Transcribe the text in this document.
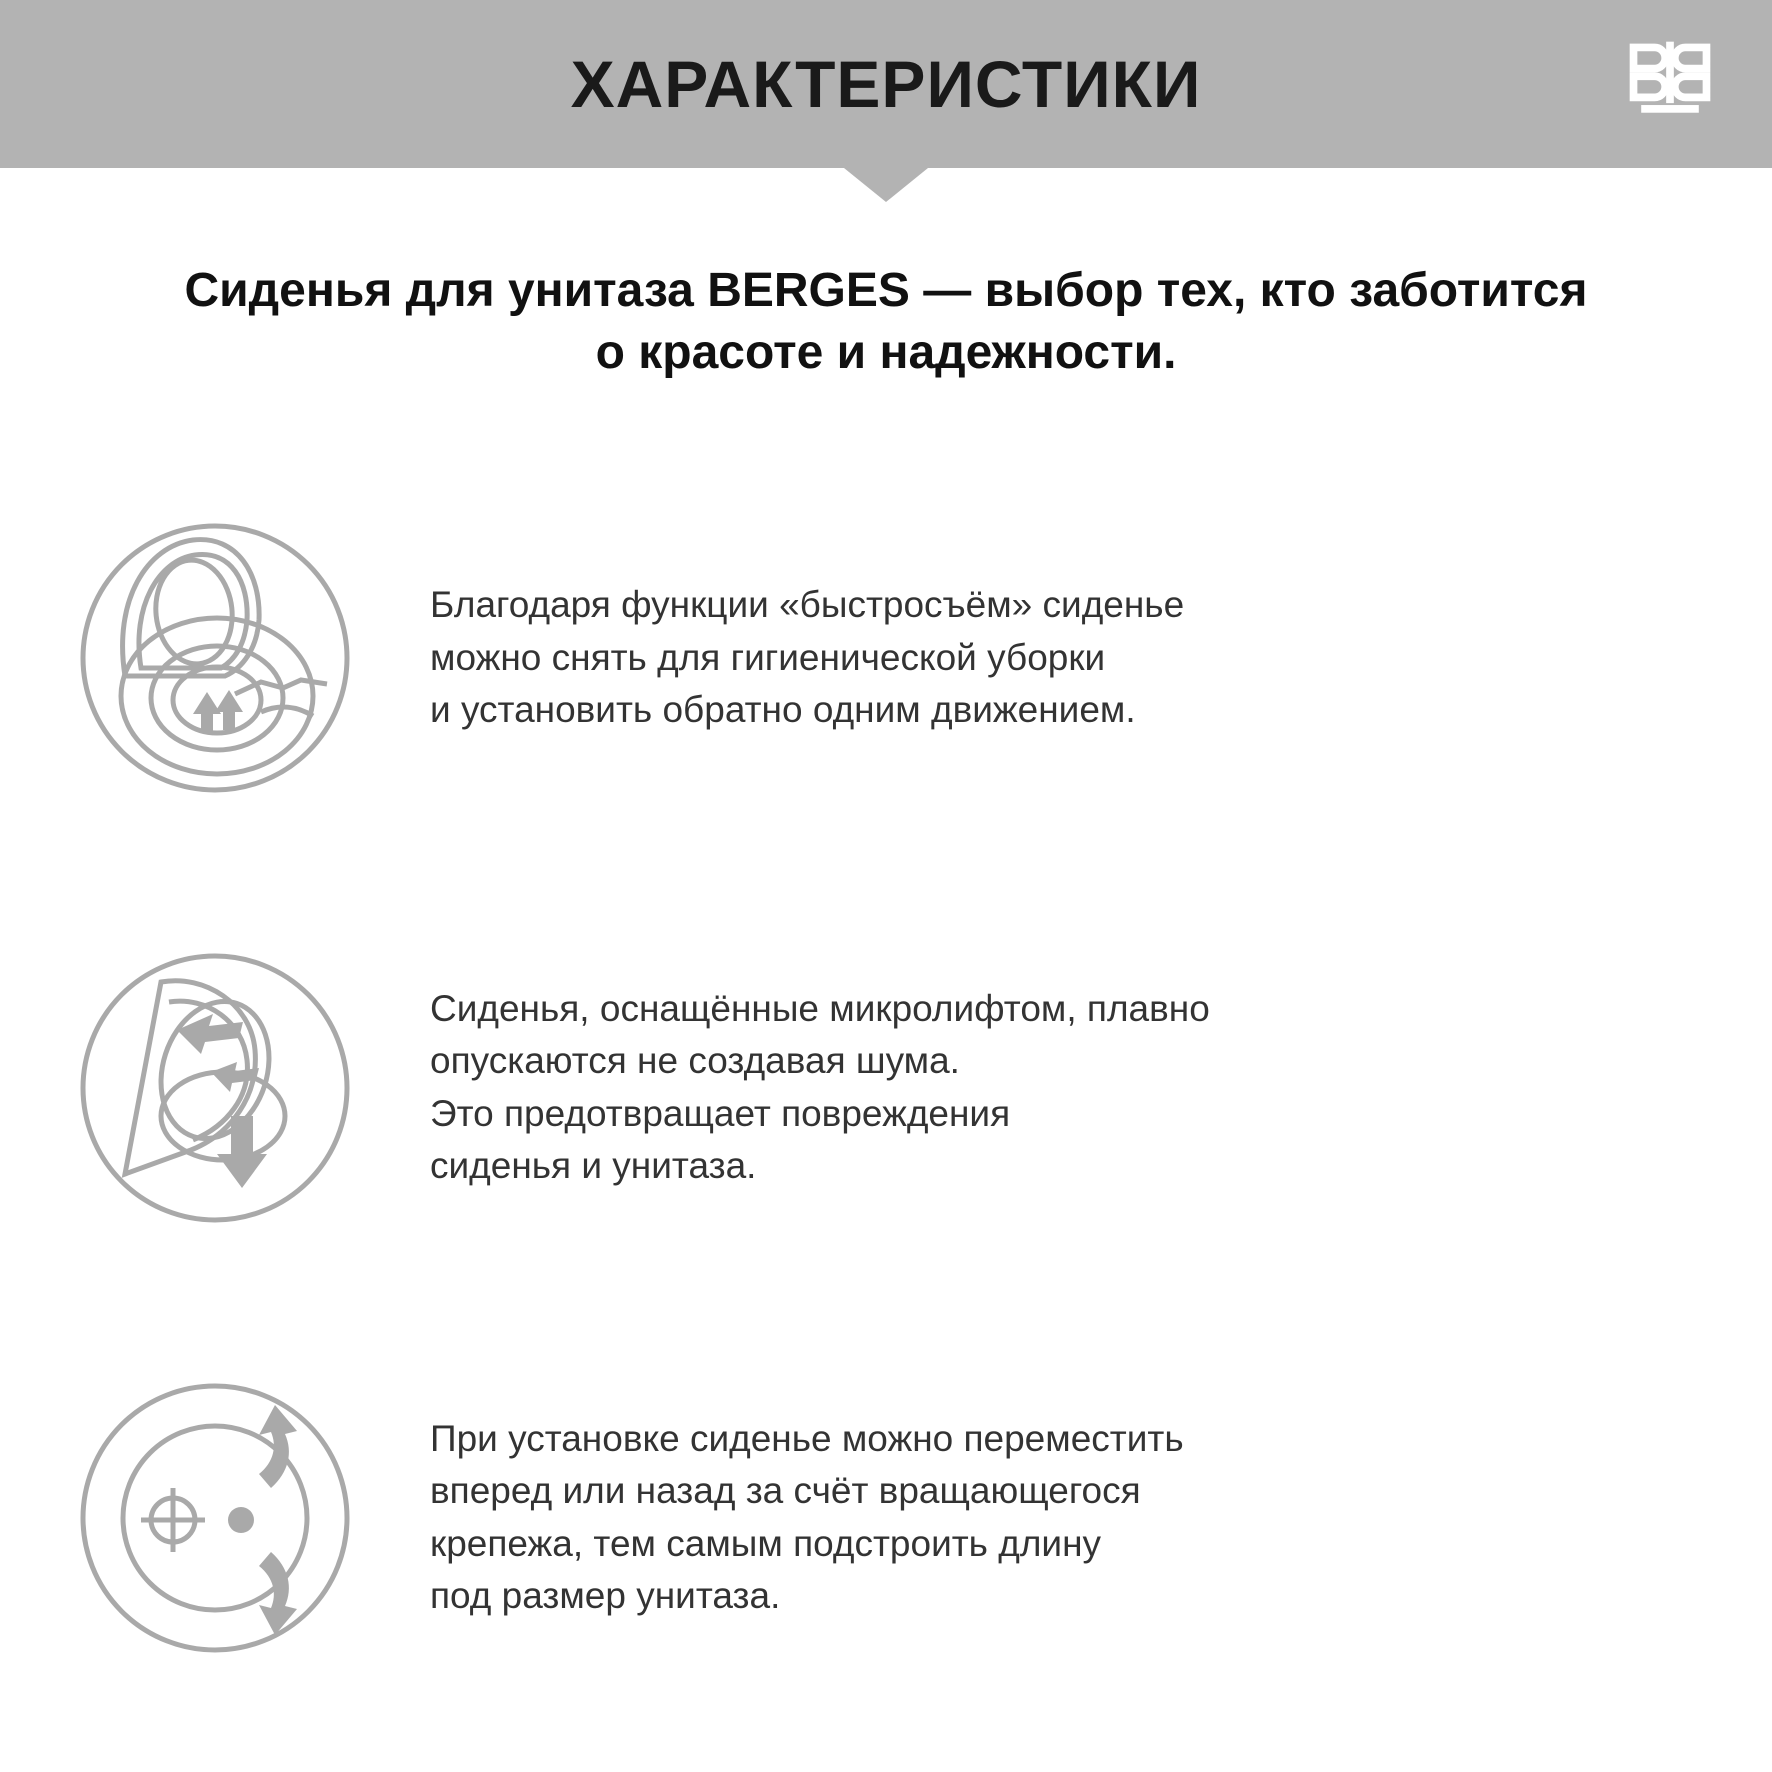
ХАРАКТЕРИСТИКИ
Сиденья для унитаза BERGES — выбор тех, кто заботится
о красоте и надежности.
Благодаря функции «быстросъём» сиденье
можно снять для гигиенической уборки
и установить обратно одним движением.
Сиденья, оснащённые микролифтом, плавно
опускаются не создавая шума.
Это предотвращает повреждения
сиденья и унитаза.
При установке сиденье можно переместить
вперед или назад за счёт вращающегося
крепежа, тем самым подстроить длину
под размер унитаза.
